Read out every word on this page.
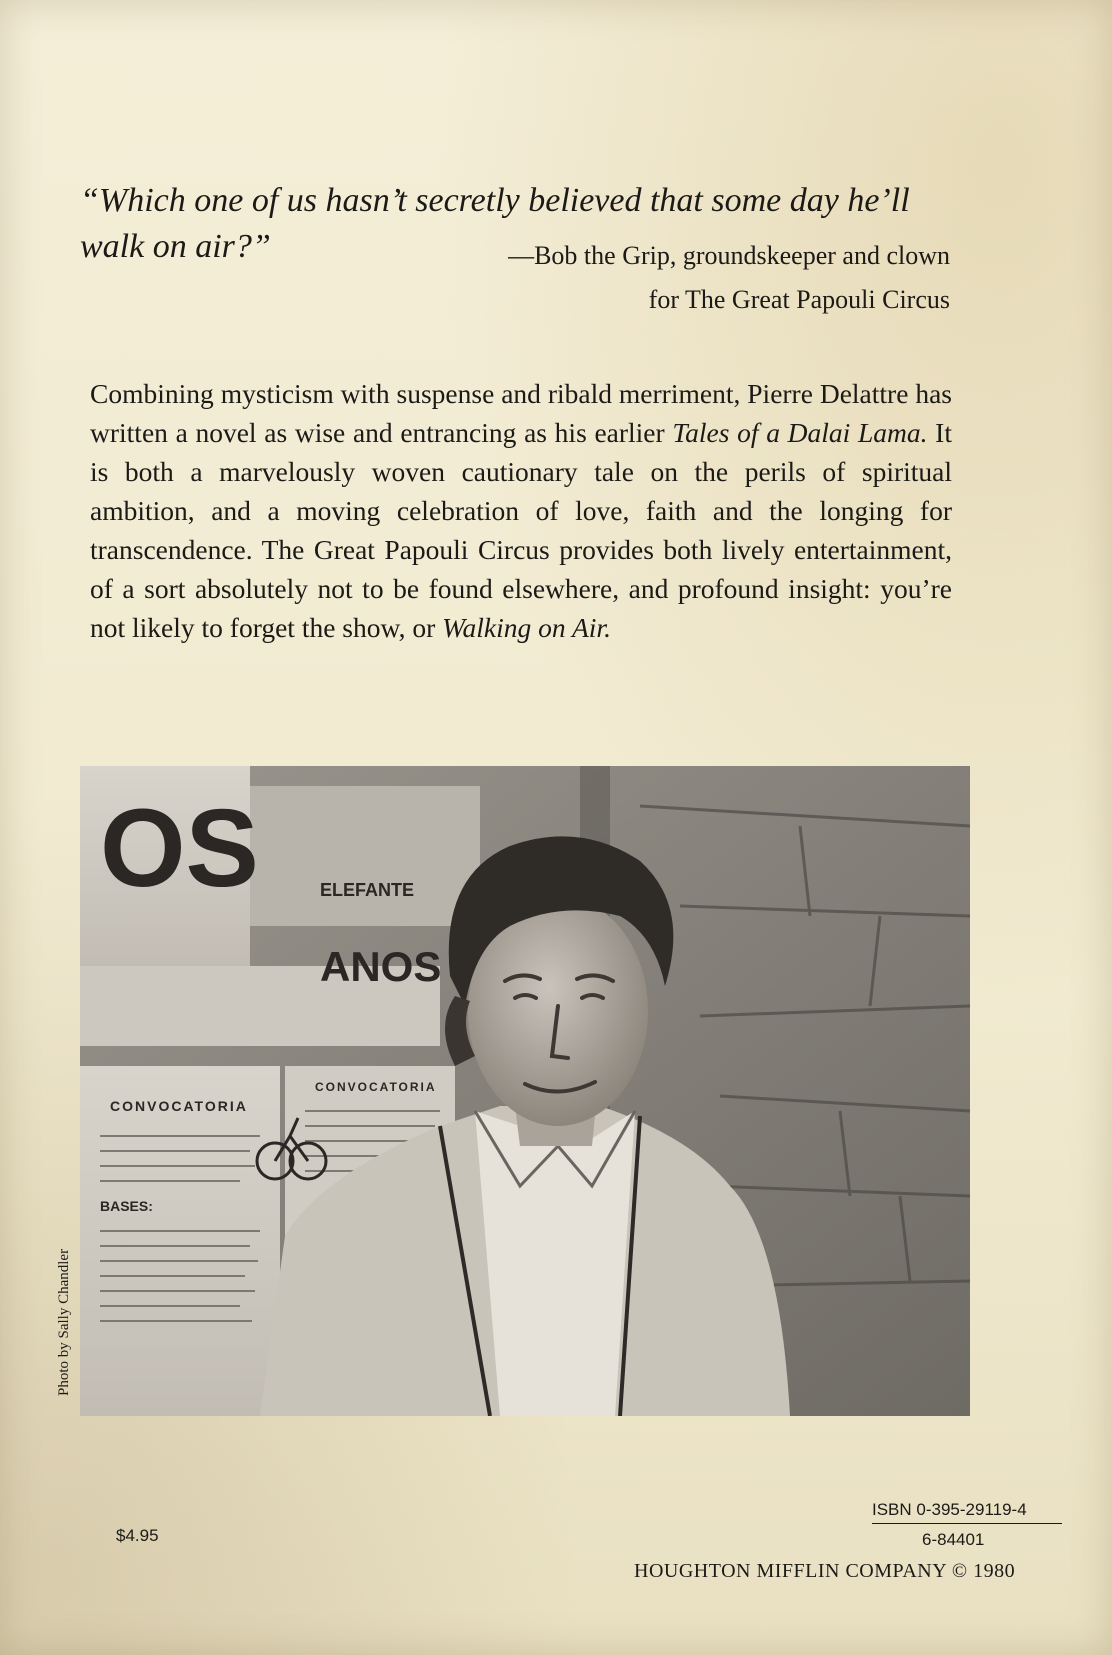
“Which one of us hasn’t secretly believed that some day he’ll walk on air?”	—Bob the Grip, groundskeeper and clown
for The Great Papouli Circus

Combining mysticism with suspense and ribald merriment, Pierre Delattre has written a novel as wise and entrancing as his earlier Tales of a Dalai Lama. It is both a marvelously woven cautionary tale on the perils of spiritual ambition, and a moving celebration of love, faith and the longing for transcendence. The Great Papouli Circus provides both lively entertainment, of a sort absolutely not to be found elsewhere, and profound insight: you’re not likely to forget the show, or Walking on Air.

OS	ELEFANTE
ANOS
CONVOCATORIA
CONVOCATORIA
BASES:
Photo by Sally Chandler
$4.95
ISBN 0-395-29119-4
6-84401
HOUGHTON MIFFLIN COMPANY © 1980
